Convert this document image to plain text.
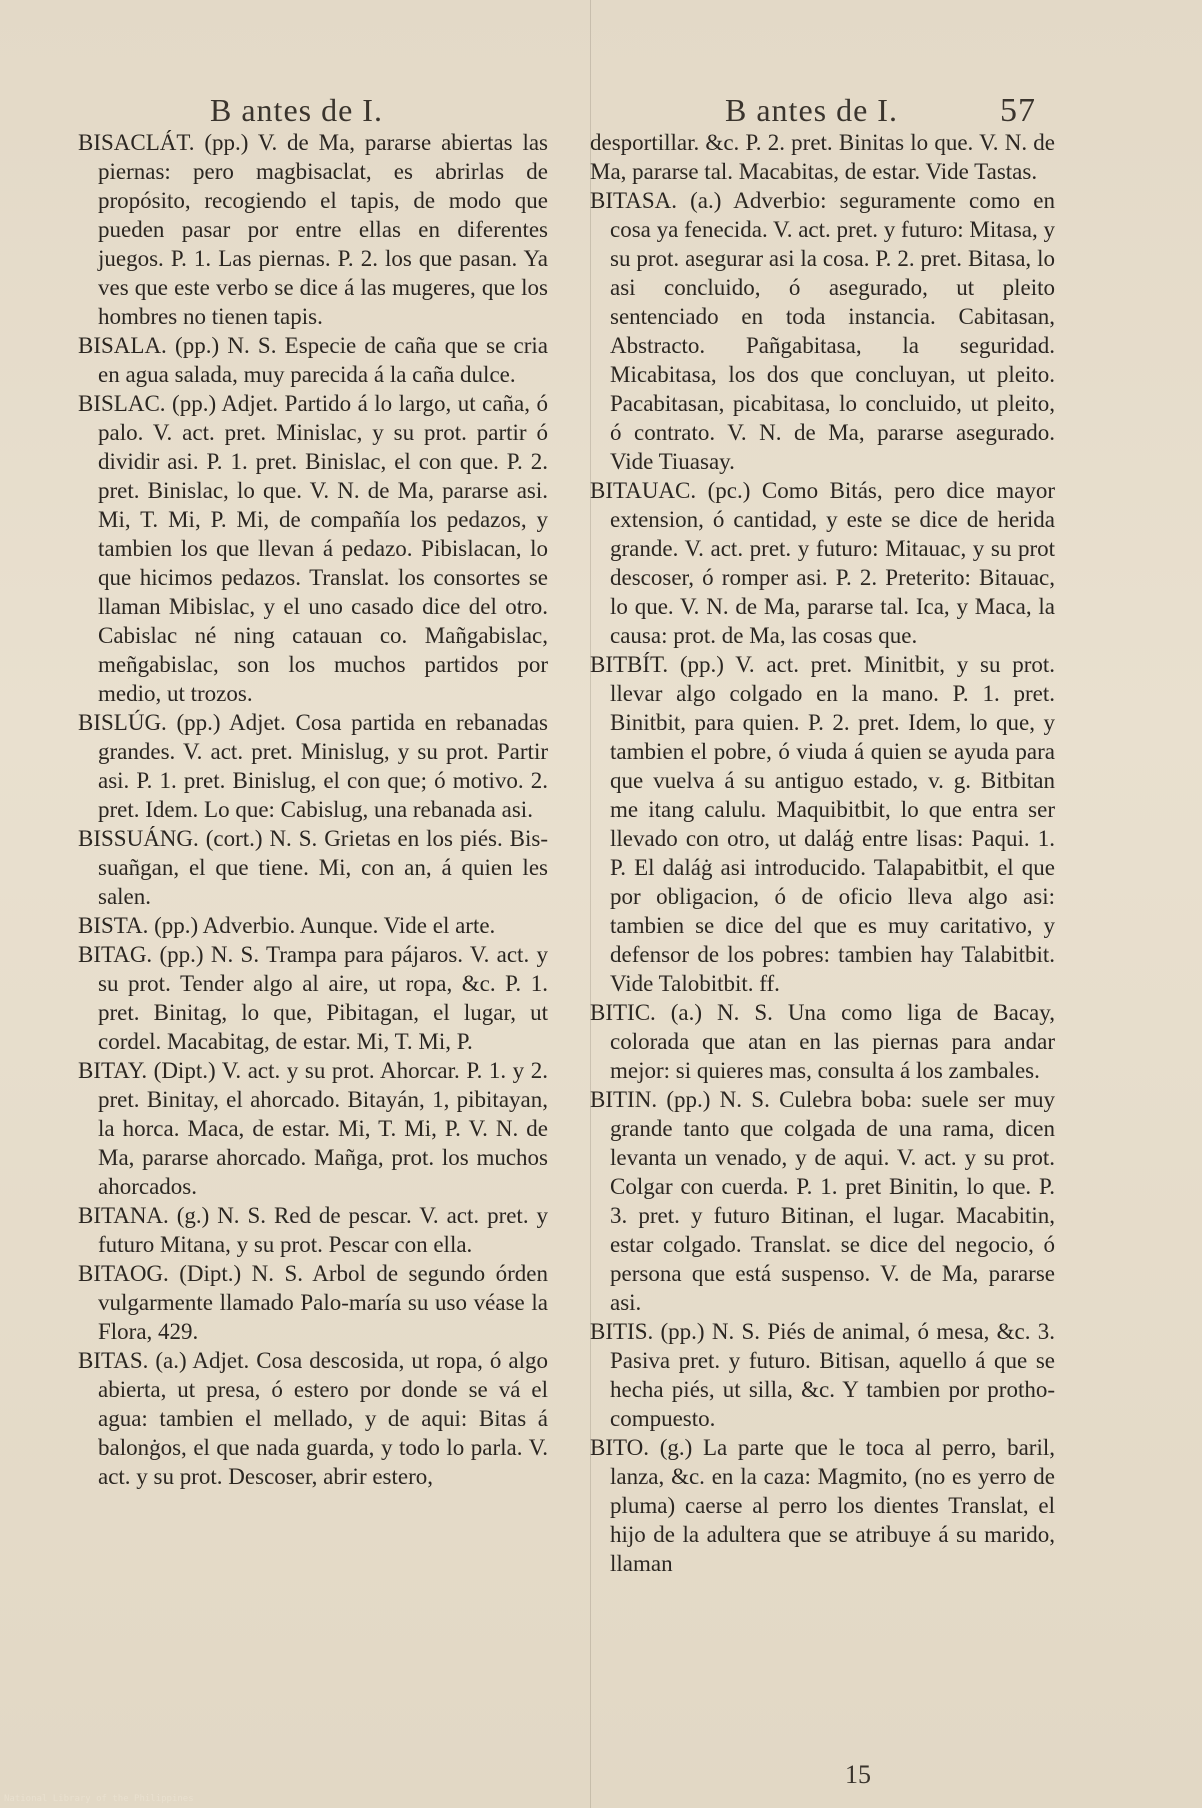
B antes de I.	B antes de I.	57

BISACLÁT. (pp.) V. de Ma, pararse abiertas las piernas: pero magbisaclat, es abrirlas de propósito, recogiendo el tapis, de modo que pueden pasar por entre ellas en diferentes juegos. P. 1. Las piernas. P. 2. los que pasan. Ya ves que este verbo se dice á las mugeres, que los hombres no tienen tapis.

BISALA. (pp.) N. S. Especie de caña que se cria en agua salada, muy parecida á la caña dulce.

BISLAC. (pp.) Adjet. Partido á lo largo, ut caña, ó palo. V. act. pret. Minislac, y su prot. partir ó dividir asi. P. 1. pret. Binislac, el con que. P. 2. pret. Binislac, lo que. V. N. de Ma, pararse asi. Mi, T. Mi, P. Mi, de compañía los pedazos, y tambien los que llevan á pedazo. Pibislacan, lo que hicimos pedazos. Translat. los consortes se llaman Mibislac, y el uno casado dice del otro. Cabislac né ning catauan co. Mañgabislac, meñgabislac, son los muchos partidos por medio, ut trozos.

BISLÚG. (pp.) Adjet. Cosa partida en rebanadas grandes. V. act. pret. Minislug, y su prot. Partir asi. P. 1. pret. Binislug, el con que; ó motivo. 2. pret. Idem. Lo que: Cabislug, una rebanada asi.

BISSUÁNG. (cort.) N. S. Grietas en los piés. Bis-suañgan, el que tiene. Mi, con an, á quien les salen.

BISTA. (pp.) Adverbio. Aunque. Vide el arte.

BITAG. (pp.) N. S. Trampa para pájaros. V. act. y su prot. Tender algo al aire, ut ropa, &c. P. 1. pret. Binitag, lo que, Pibitagan, el lugar, ut cordel. Macabitag, de estar. Mi, T. Mi, P.

BITAY. (Dipt.) V. act. y su prot. Ahorcar. P. 1. y 2. pret. Binitay, el ahorcado. Bitayán, 1, pibitayan, la horca. Maca, de estar. Mi, T. Mi, P. V. N. de Ma, pararse ahorcado. Mañga, prot. los muchos ahorcados.

BITANA. (g.) N. S. Red de pescar. V. act. pret. y futuro Mitana, y su prot. Pescar con ella.

BITAOG. (Dipt.) N. S. Arbol de segundo órden vulgarmente llamado Palo-maría su uso véase la Flora, 429.

BITAS. (a.) Adjet. Cosa descosida, ut ropa, ó algo abierta, ut presa, ó estero por donde se vá el agua: tambien el mellado, y de aqui: Bitas á balonġos, el que nada guarda, y todo lo parla. V. act. y su prot. Descoser, abrir estero,

desportillar. &c. P. 2. pret. Binitas lo que. V. N. de Ma, pararse tal. Macabitas, de estar. Vide Tastas.

BITASA. (a.) Adverbio: seguramente como en cosa ya fenecida. V. act. pret. y futuro: Mitasa, y su prot. asegurar asi la cosa. P. 2. pret. Bitasa, lo asi concluido, ó asegurado, ut pleito sentenciado en toda instancia. Cabitasan, Abstracto. Pañgabitasa, la seguridad. Micabitasa, los dos que concluyan, ut pleito. Pacabitasan, picabitasa, lo concluido, ut pleito, ó contrato. V. N. de Ma, pararse asegurado. Vide Tiuasay.

BITAUAC. (pc.) Como Bitás, pero dice mayor extension, ó cantidad, y este se dice de herida grande. V. act. pret. y futuro: Mitauac, y su prot descoser, ó romper asi. P. 2. Preterito: Bitauac, lo que. V. N. de Ma, pararse tal. Ica, y Maca, la causa: prot. de Ma, las cosas que.

BITBÍT. (pp.) V. act. pret. Minitbit, y su prot. llevar algo colgado en la mano. P. 1. pret. Binitbit, para quien. P. 2. pret. Idem, lo que, y tambien el pobre, ó viuda á quien se ayuda para que vuelva á su antiguo estado, v. g. Bitbitan me itang calulu. Maquibitbit, lo que entra ser llevado con otro, ut daláġ entre lisas: Paqui. 1. P. El daláġ asi introducido. Talapabitbit, el que por obligacion, ó de oficio lleva algo asi: tambien se dice del que es muy caritativo, y defensor de los pobres: tambien hay Talabitbit. Vide Talobitbit. ff.

BITIC. (a.) N. S. Una como liga de Bacay, colorada que atan en las piernas para andar mejor: si quieres mas, consulta á los zambales.

BITIN. (pp.) N. S. Culebra boba: suele ser muy grande tanto que colgada de una rama, dicen levanta un venado, y de aqui. V. act. y su prot. Colgar con cuerda. P. 1. pret Binitin, lo que. P. 3. pret. y futuro Bitinan, el lugar. Macabitin, estar colgado. Translat. se dice del negocio, ó persona que está suspenso. V. de Ma, pararse asi.

BITIS. (pp.) N. S. Piés de animal, ó mesa, &c. 3. Pasiva pret. y futuro. Bitisan, aquello á que se hecha piés, ut silla, &c. Y tambien por protho-compuesto.

BITO. (g.) La parte que le toca al perro, baril, lanza, &c. en la caza: Magmito, (no es yerro de pluma) caerse al perro los dientes Translat, el hijo de la adultera que se atribuye á su marido, llaman

15
National Library of the Philippines
